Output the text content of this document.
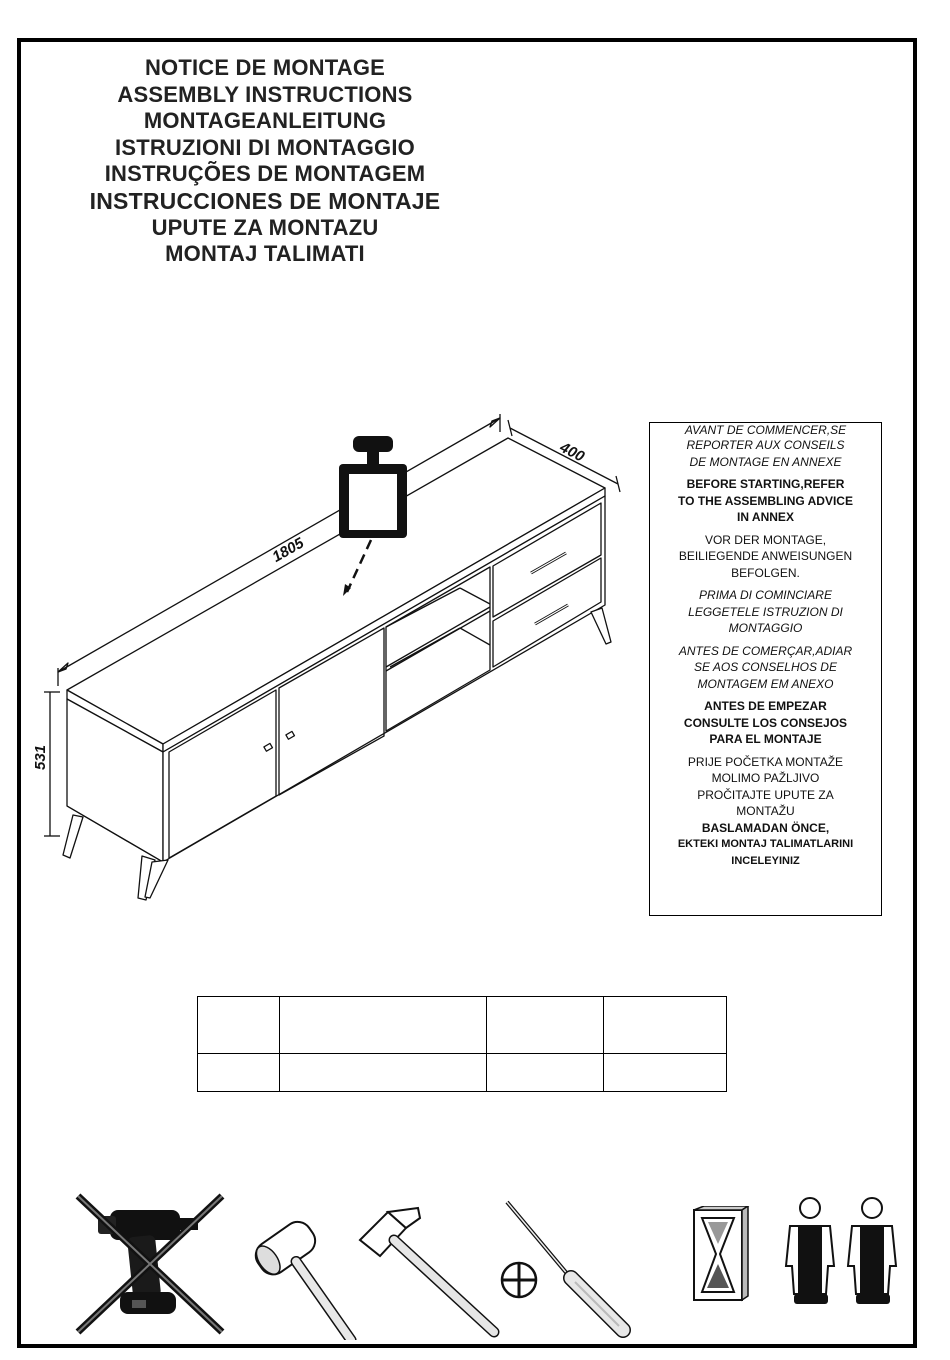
NOTICE DE MONTAGE
ASSEMBLY INSTRUCTIONS
MONTAGEANLEITUNG
ISTRUZIONI DI MONTAGGIO
INSTRUÇÕES DE MONTAGEM
INSTRUCCIONES DE MONTAJE
UPUTE ZA MONTAZU
MONTAJ TALIMATI
1805
400
531
AVANT DE COMMENCER,SE
REPORTER AUX CONSEILS
DE MONTAGE EN ANNEXE
BEFORE STARTING,REFER
TO THE ASSEMBLING ADVICE
IN ANNEX
VOR DER MONTAGE,
BEILIEGENDE ANWEISUNGEN
BEFOLGEN.
PRIMA DI COMINCIARE
LEGGETELE ISTRUZION DI
MONTAGGIO
ANTES DE COMERÇAR,ADIAR
SE AOS CONSELHOS DE
MONTAGEM EM ANEXO
ANTES DE EMPEZAR
CONSULTE LOS CONSEJOS
PARA EL MONTAJE
PRIJE POČETKA MONTAŽE
MOLIMO PAŽLJIVO
PROČITAJTE UPUTE ZA
MONTAŽU
BASLAMADAN ÖNCE,
EKTEKI MONTAJ TALIMATLARINI
INCELEYINIZ
